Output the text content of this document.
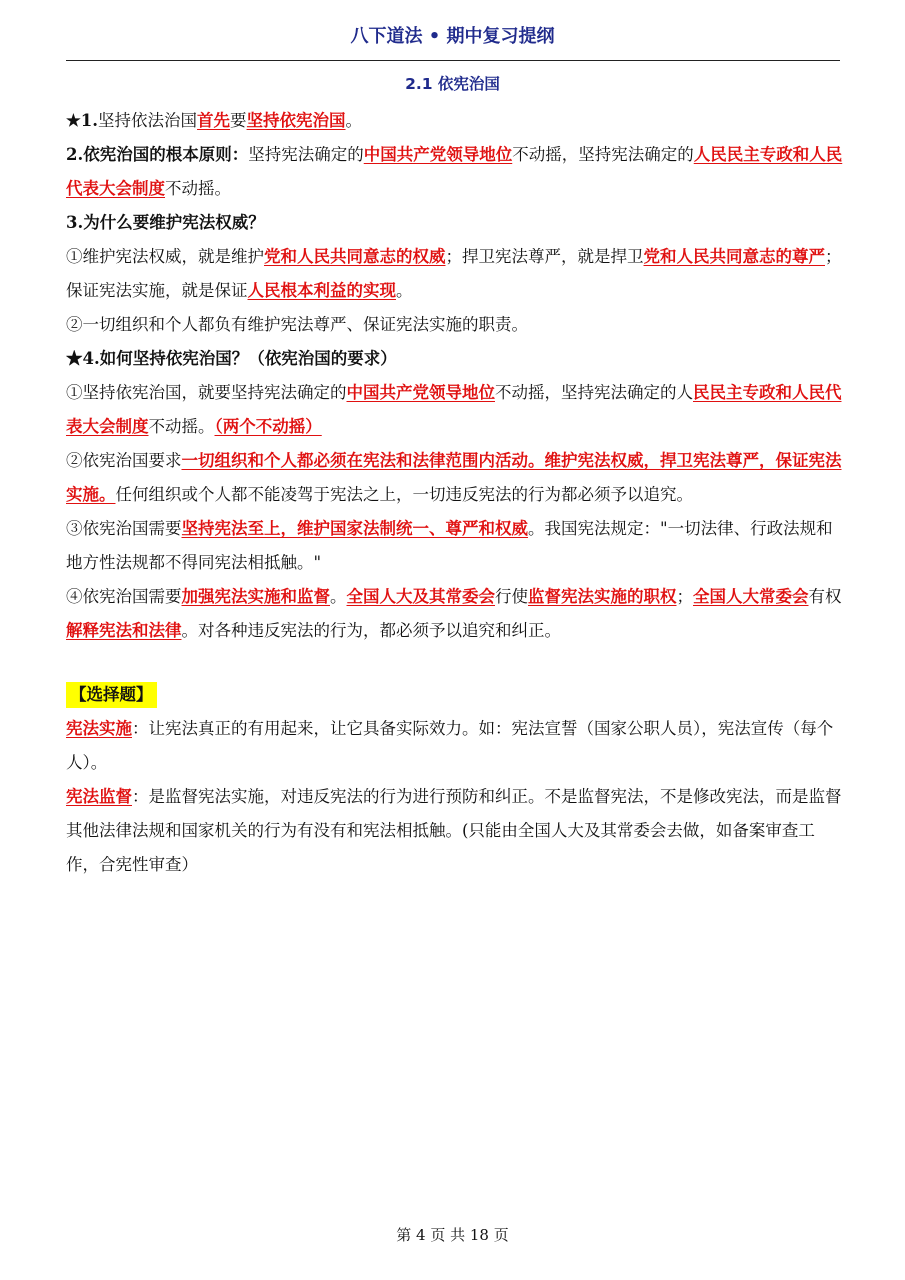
八下道法 • 期中复习提纲
2.1 依宪治国

★1.坚持依法治国首先要坚持依宪治国。

2.依宪治国的根本原则：坚持宪法确定的中国共产党领导地位不动摇，坚持宪法确定的人民民主专政和人民代表大会制度不动摇。

3.为什么要维护宪法权威？

①维护宪法权威，就是维护党和人民共同意志的权威；捍卫宪法尊严，就是捍卫党和人民共同意志的尊严；保证宪法实施，就是保证人民根本利益的实现。

②一切组织和个人都负有维护宪法尊严、保证宪法实施的职责。

★4.如何坚持依宪治国？（依宪治国的要求）

①坚持依宪治国，就要坚持宪法确定的中国共产党领导地位不动摇，坚持宪法确定的人民民主专政和人民代表大会制度不动摇。（两个不动摇）

②依宪治国要求一切组织和个人都必须在宪法和法律范围内活动。维护宪法权威，捍卫宪法尊严，保证宪法实施。任何组织或个人都不能凌驾于宪法之上，一切违反宪法的行为都必须予以追究。

③依宪治国需要坚持宪法至上，维护国家法制统一、尊严和权威。我国宪法规定："一切法律、行政法规和地方性法规都不得同宪法相抵触。"

④依宪治国需要加强宪法实施和监督。全国人大及其常委会行使监督宪法实施的职权；全国人大常委会有权解释宪法和法律。对各种违反宪法的行为，都必须予以追究和纠正。

【选择题】

宪法实施：让宪法真正的有用起来，让它具备实际效力。如：宪法宣誓（国家公职人员），宪法宣传（每个人）。

宪法监督：是监督宪法实施，对违反宪法的行为进行预防和纠正。不是监督宪法，不是修改宪法，而是监督其他法律法规和国家机关的行为有没有和宪法相抵触。(只能由全国人大及其常委会去做，如备案审查工作，合宪性审查）

第 4 页 共 18 页
